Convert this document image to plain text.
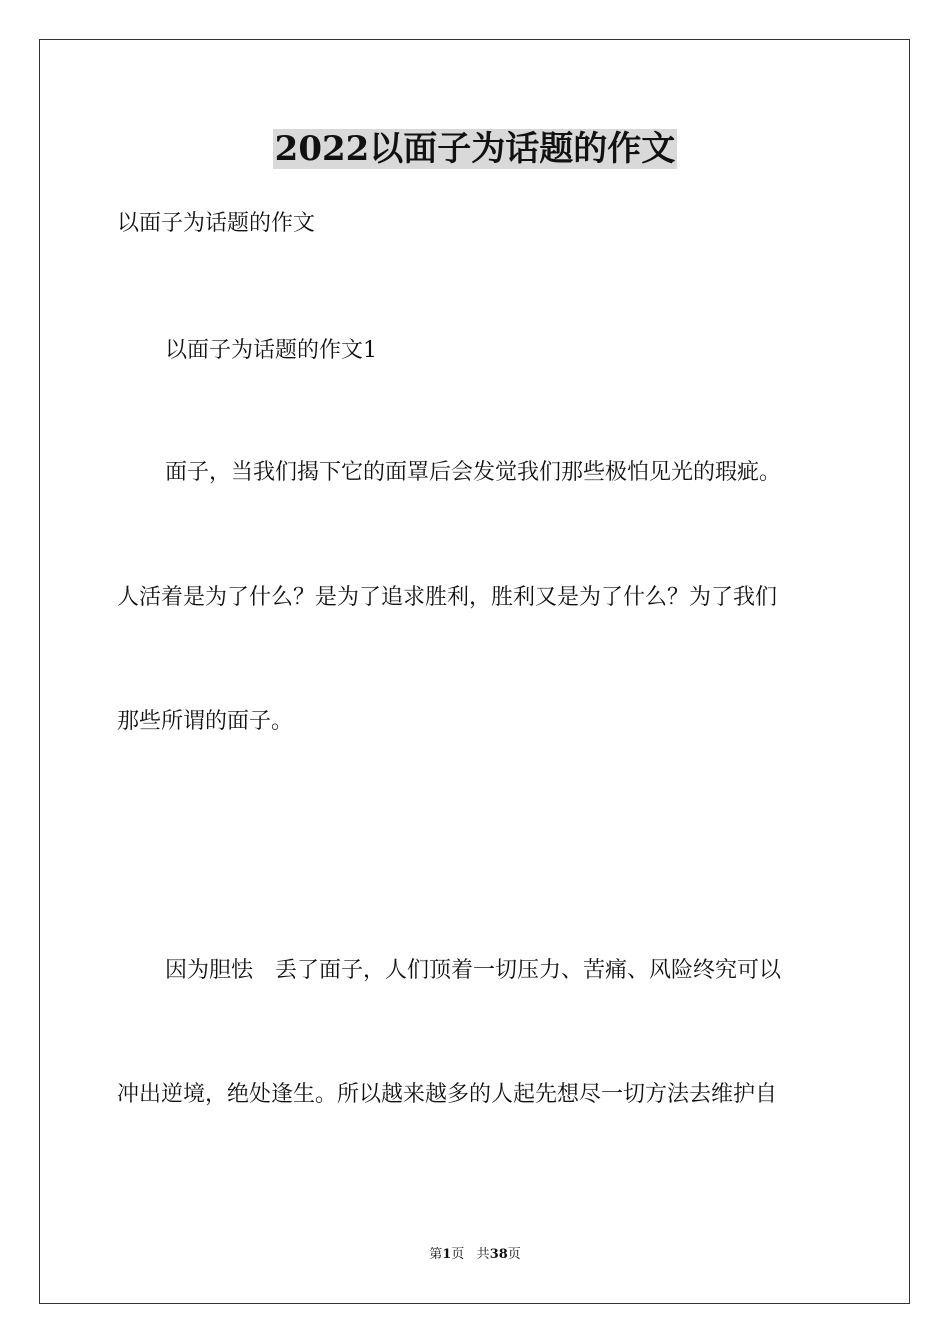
2022以面子为话题的作文
以面子为话题的作文
以面子为话题的作文1
面子，当我们揭下它的面罩后会发觉我们那些极怕见光的瑕疵。
人活着是为了什么？是为了追求胜利，胜利又是为了什么？为了我们
那些所谓的面子。
因为胆怯　丢了面子，人们顶着一切压力、苦痛、风险终究可以
冲出逆境，绝处逢生。所以越来越多的人起先想尽一切方法去维护自
第1页 共38页
